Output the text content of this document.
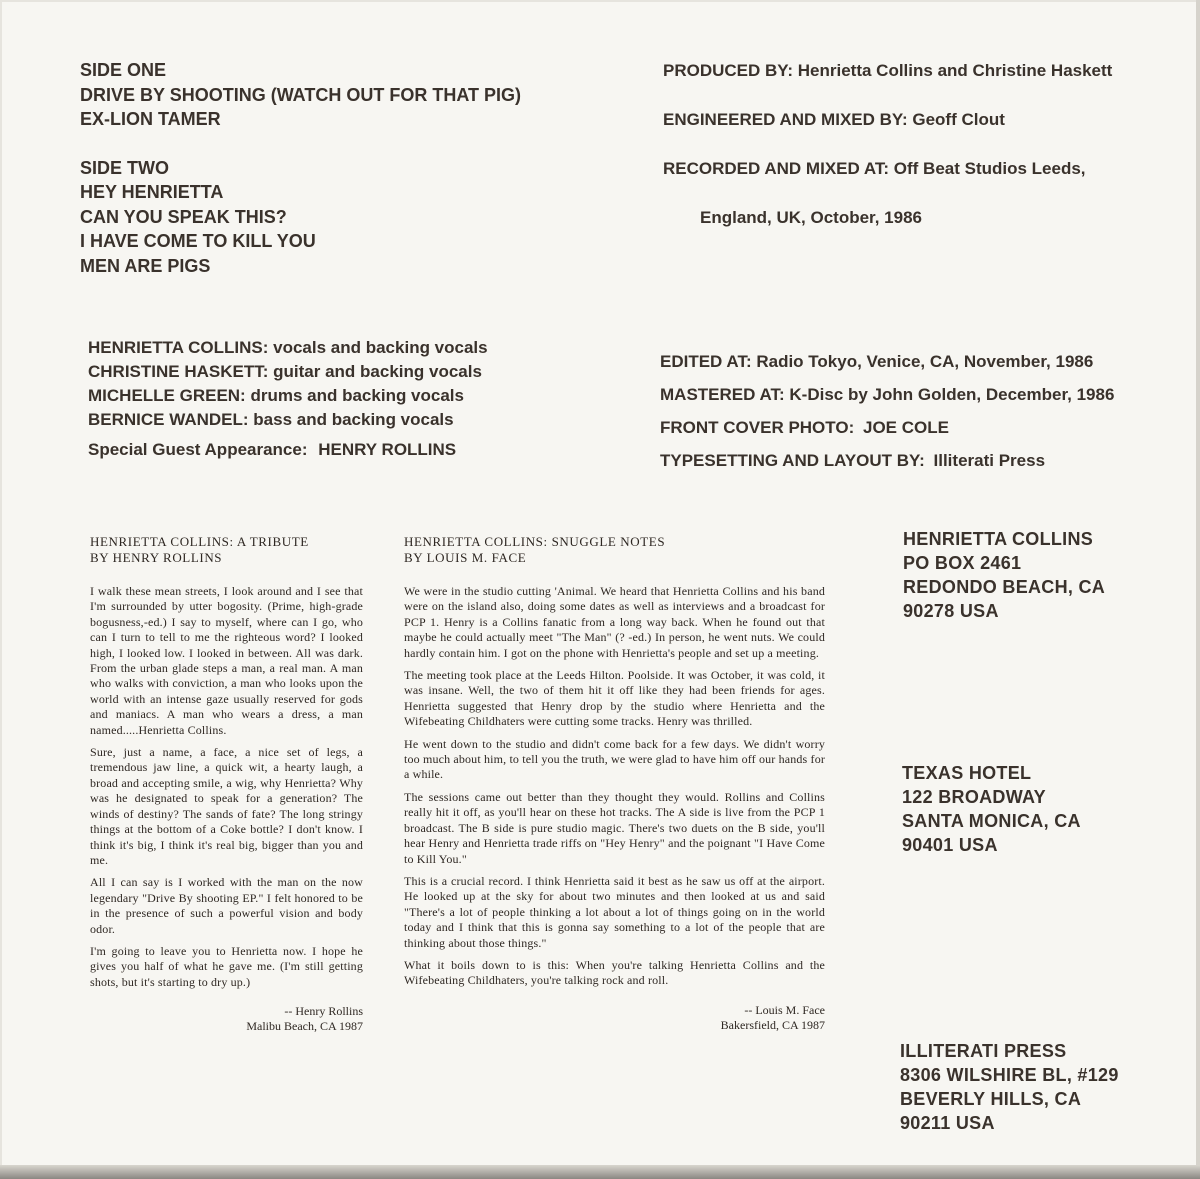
SIDE ONE
DRIVE BY SHOOTING (WATCH OUT FOR THAT PIG)
EX-LION TAMER
SIDE TWO
HEY HENRIETTA
CAN YOU SPEAK THIS?
I HAVE COME TO KILL YOU
MEN ARE PIGS
PRODUCED BY: Henrietta Collins and Christine Haskett
ENGINEERED AND MIXED BY: Geoff Clout
RECORDED AND MIXED AT: Off Beat Studios Leeds,
England, UK, October, 1986
HENRIETTA COLLINS: vocals and backing vocals
CHRISTINE HASKETT: guitar and backing vocals
MICHELLE GREEN: drums and backing vocals
BERNICE WANDEL: bass and backing vocals
Special Guest Appearance: HENRY ROLLINS
EDITED AT: Radio Tokyo, Venice, CA, November, 1986
MASTERED AT: K-Disc by John Golden, December, 1986
FRONT COVER PHOTO: JOE COLE
TYPESETTING AND LAYOUT BY: Illiterati Press
HENRIETTA COLLINS: A TRIBUTE
BY HENRY ROLLINS

I walk these mean streets, I look around and I see that I'm surrounded by utter bogosity. (Prime, high-grade bogusness,-ed.) I say to myself, where can I go, who can I turn to tell to me the righteous word? I looked high, I looked low. I looked in between. All was dark. From the urban glade steps a man, a real man. A man who walks with conviction, a man who looks upon the world with an intense gaze usually reserved for gods and maniacs. A man who wears a dress, a man named.....Henrietta Collins.

Sure, just a name, a face, a nice set of legs, a tremendous jaw line, a quick wit, a hearty laugh, a broad and accepting smile, a wig, why Henrietta? Why was he designated to speak for a generation? The winds of destiny? The sands of fate? The long stringy things at the bottom of a Coke bottle? I don't know. I think it's big, I think it's real big, bigger than you and me.

All I can say is I worked with the man on the now legendary "Drive By shooting EP." I felt honored to be in the presence of such a powerful vision and body odor.

I'm going to leave you to Henrietta now. I hope he gives you half of what he gave me. (I'm still getting shots, but it's starting to dry up.)

-- Henry Rollins
Malibu Beach, CA 1987
HENRIETTA COLLINS: SNUGGLE NOTES
BY LOUIS M. FACE

We were in the studio cutting 'Animal. We heard that Henrietta Collins and his band were on the island also, doing some dates as well as interviews and a broadcast for PCP 1. Henry is a Collins fanatic from a long way back. When he found out that maybe he could actually meet "The Man" (? -ed.) In person, he went nuts. We could hardly contain him. I got on the phone with Henrietta's people and set up a meeting.

The meeting took place at the Leeds Hilton. Poolside. It was October, it was cold, it was insane. Well, the two of them hit it off like they had been friends for ages. Henrietta suggested that Henry drop by the studio where Henrietta and the Wifebeating Childhaters were cutting some tracks. Henry was thrilled.

He went down to the studio and didn't come back for a few days. We didn't worry too much about him, to tell you the truth, we were glad to have him off our hands for a while.

The sessions came out better than they thought they would. Rollins and Collins really hit it off, as you'll hear on these hot tracks. The A side is live from the PCP 1 broadcast. The B side is pure studio magic. There's two duets on the B side, you'll hear Henry and Henrietta trade riffs on "Hey Henry" and the poignant "I Have Come to Kill You."

This is a crucial record. I think Henrietta said it best as he saw us off at the airport. He looked up at the sky for about two minutes and then looked at us and said "There's a lot of people thinking a lot about a lot of things going on in the world today and I think that this is gonna say something to a lot of the people that are thinking about those things."

What it boils down to is this: When you're talking Henrietta Collins and the Wifebeating Childhaters, you're talking rock and roll.

-- Louis M. Face
Bakersfield, CA 1987
HENRIETTA COLLINS
PO BOX 2461
REDONDO BEACH, CA
90278 USA
TEXAS HOTEL
122 BROADWAY
SANTA MONICA, CA
90401 USA
ILLITERATI PRESS
8306 WILSHIRE BL, #129
BEVERLY HILLS, CA
90211 USA
